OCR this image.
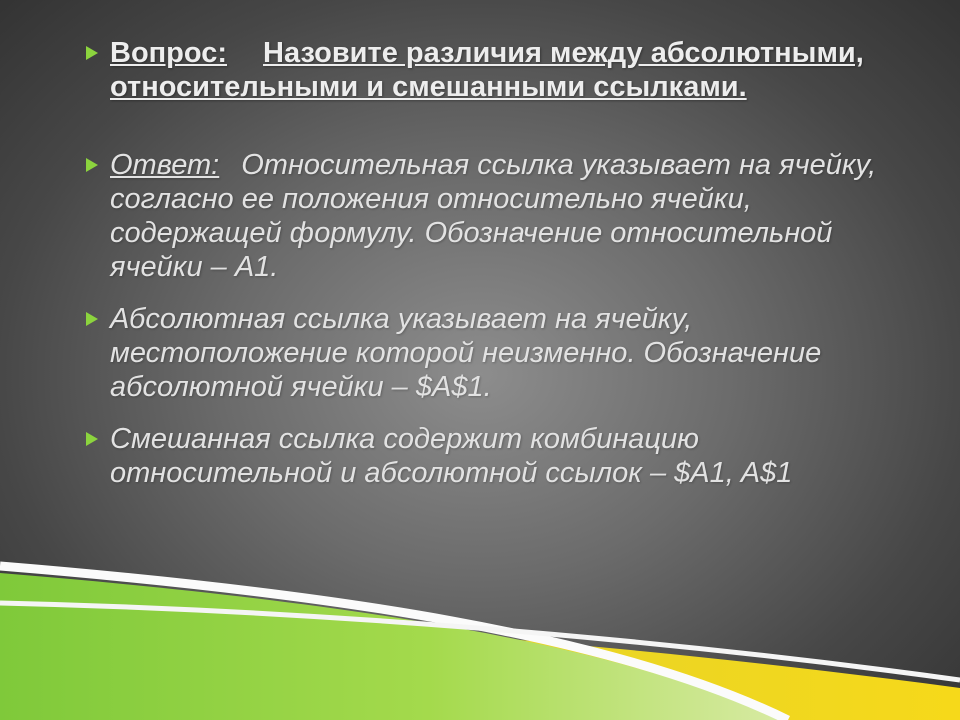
Вопрос: Назовите различия между абсолютными, относительными и смешанными ссылками.
Ответ: Относительная ссылка указывает на ячейку, согласно ее положения относительно ячейки, содержащей формулу. Обозначение относительной ячейки – A1.
Абсолютная ссылка указывает на ячейку, местоположение которой неизменно. Обозначение абсолютной ячейки – $A$1.
Смешанная ссылка содержит комбинацию относительной и абсолютной ссылок – $A1, A$1
